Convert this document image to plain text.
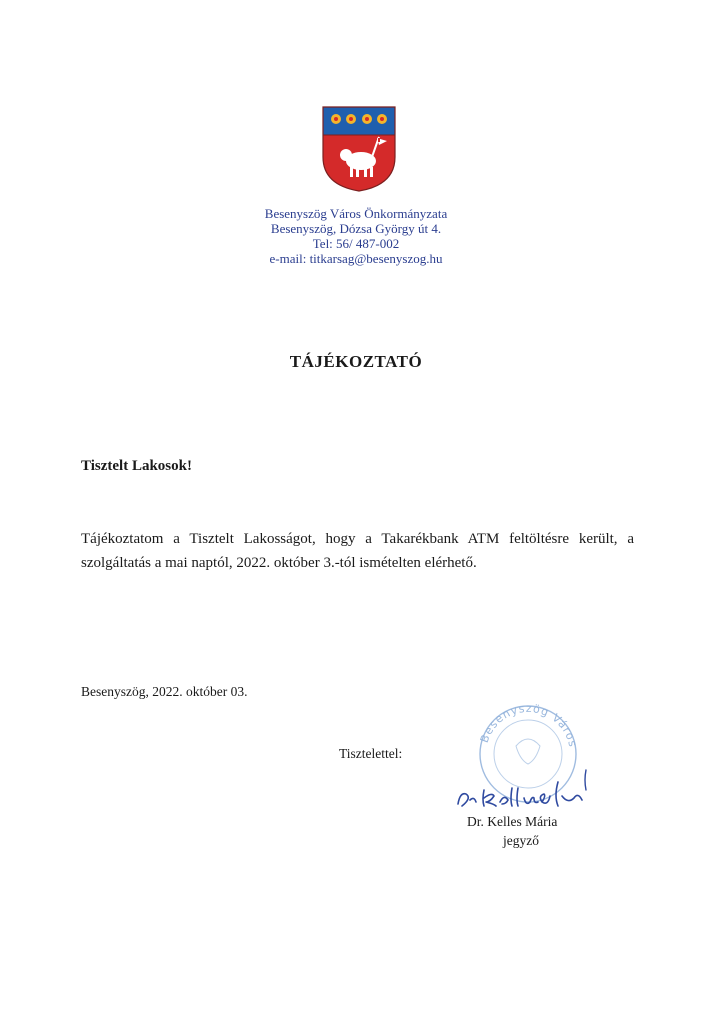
Besenyszög Város Önkormányzata
Besenyszög, Dózsa György út 4.
Tel: 56/ 487-002
e-mail: titkarsag@besenyszog.hu
TÁJÉKOZTATÓ
Tisztelt Lakosok!
Tájékoztatom a Tisztelt Lakosságot, hogy a Takarékbank ATM feltöltésre került, a szolgáltatás a mai naptól, 2022. október 3.-tól ismételten elérhető.
Besenyszög, 2022. október 03.
Tisztelettel:
Besenyszög Város
Dr. Kelles Mária
jegyző
